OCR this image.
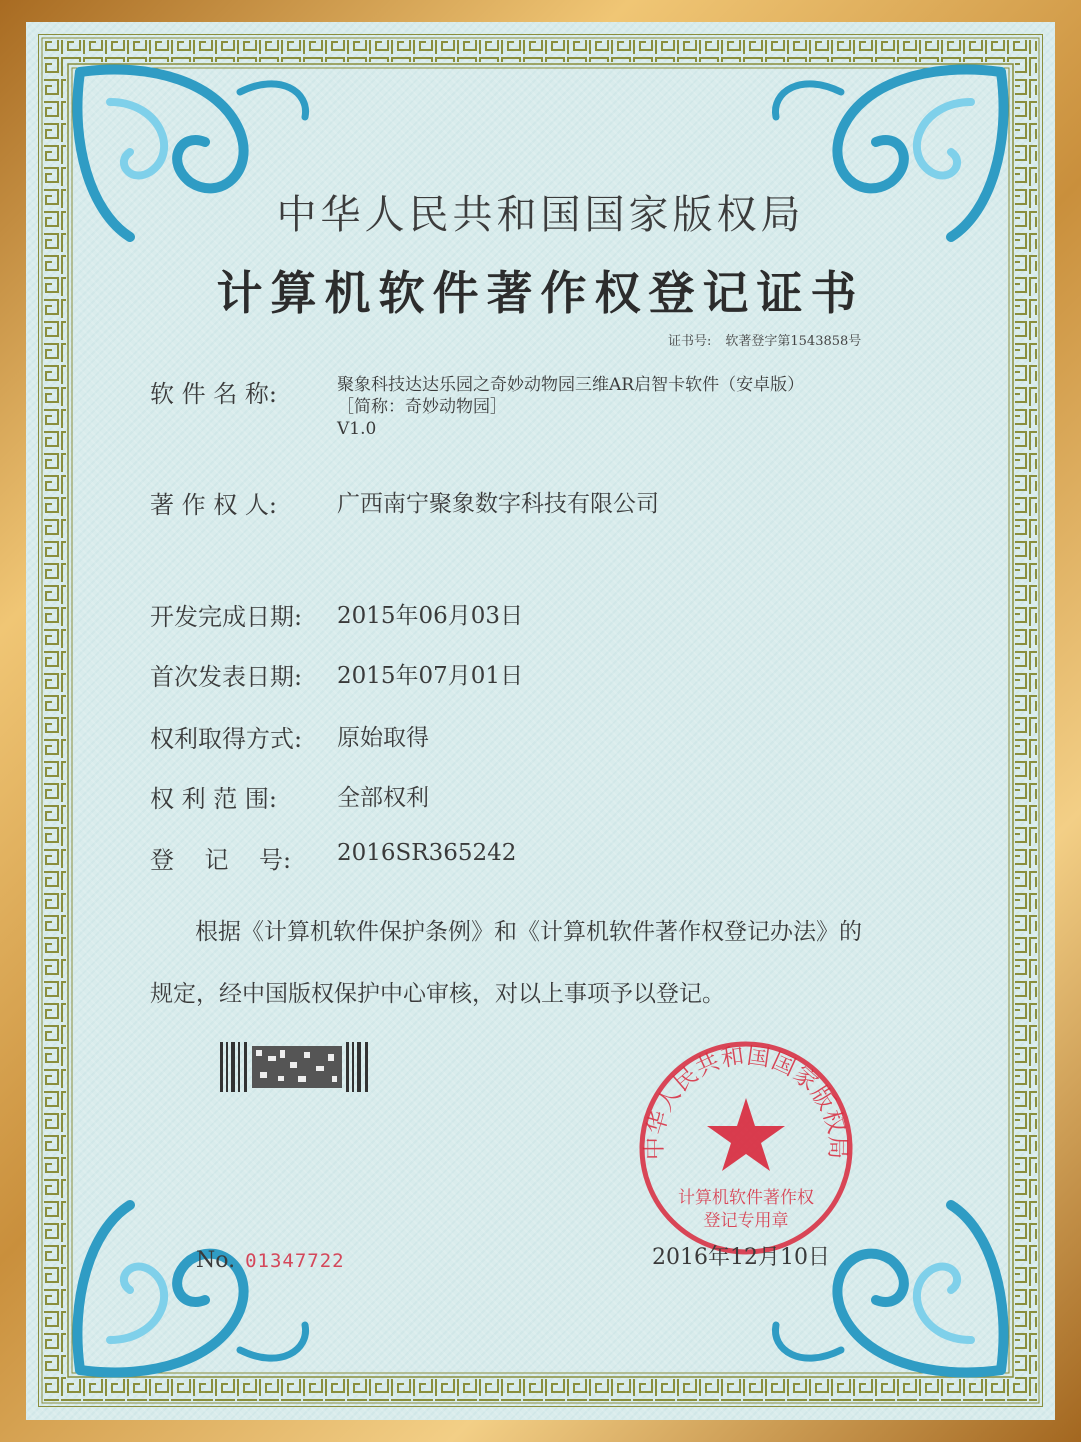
中华人民共和国国家版权局
计算机软件著作权登记证书
证书号: 软著登字第1543858号
软 件 名 称:	聚象科技达达乐园之奇妙动物园三维AR启智卡软件（安卓版）
［简称：奇妙动物园］
V1.0
著 作 权 人:	广西南宁聚象数字科技有限公司
开发完成日期: 2015年06月03日
首次发表日期: 2015年07月01日
权利取得方式: 原始取得
权 利 范 围:	全部权利
登    记    号: 2016SR365242
根据《计算机软件保护条例》和《计算机软件著作权登记办法》的
规定，经中国版权保护中心审核，对以上事项予以登记。
No. 01347722
中华人民共和国国家版权局
计算机软件著作权
登记专用章
2016年12月10日
